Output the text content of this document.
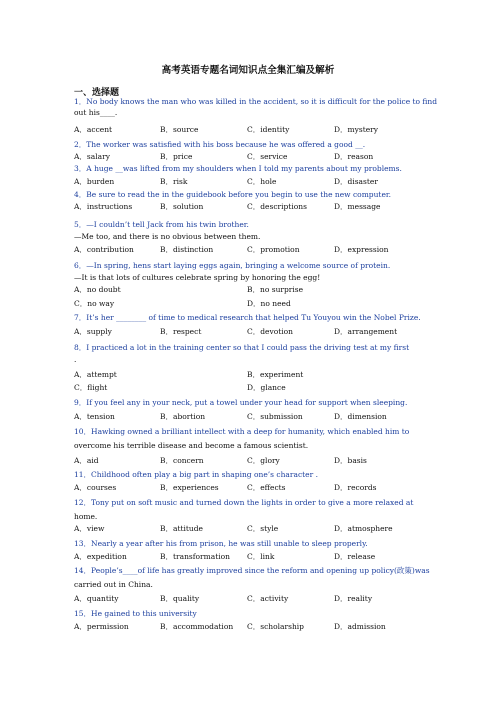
高考英语专题名词知识点全集汇编及解析
一、选择题
1．No body knows the man who was killed in the accident, so it is difficult for the police to find
out his____.
A．accent	B．source	C．identity	D．mystery
2．The worker was satisfied with his boss because he was offered a good __.
A．salary	B．price	C．service	D．reason
3．A huge __was lifted from my shoulders when I told my parents about my problems.
A．burden	B．risk	C．hole	D．disaster
4．Be sure to read the in the guidebook before you begin to use the new computer.
A．instructions	B．solution	C．descriptions	D．message
5．—I couldn’t tell Jack from his twin brother.
—Me too, and there is no obvious between them.
A．contribution	B．distinction	C．promotion	D．expression
6．—In spring, hens start laying eggs again, bringing a welcome source of protein.
—It is that lots of cultures celebrate spring by honoring the egg!
A．no doubt	B．no surprise
C．no way	D．no need
7．It’s her ________ of time to medical research that helped Tu Youyou win the Nobel Prize.
A．supply	B．respect	C．devotion	D．arrangement
8．I practiced a lot in the training center so that I could pass the driving test at my first
.
A．attempt	B．experiment
C．flight	D．glance
9．If you feel any in your neck, put a towel under your head for support when sleeping.
A．tension	B．abortion	C．submission	D．dimension
10．Hawking owned a brilliant intellect with a deep for humanity, which enabled him to
overcome his terrible disease and become a famous scientist.
A．aid	B．concern	C．glory	D．basis
11．Childhood often play a big part in shaping one’s character .
A．courses	B．experiences	C．effects	D．records
12．Tony put on soft music and turned down the lights in order to give a more relaxed at
home.
A．view	B．attitude	C．style	D．atmosphere
13．Nearly a year after his from prison, he was still unable to sleep properly.
A．expedition	B．transformation C．link	D．release
14．People’s____of life has greatly improved since the reform and opening up policy(政策)was
carried out in China.
A．quantity	B．quality	C．activity	D．reality
15．He gained to this university
A．permission	B．accommodation C．scholarship	D．admission
